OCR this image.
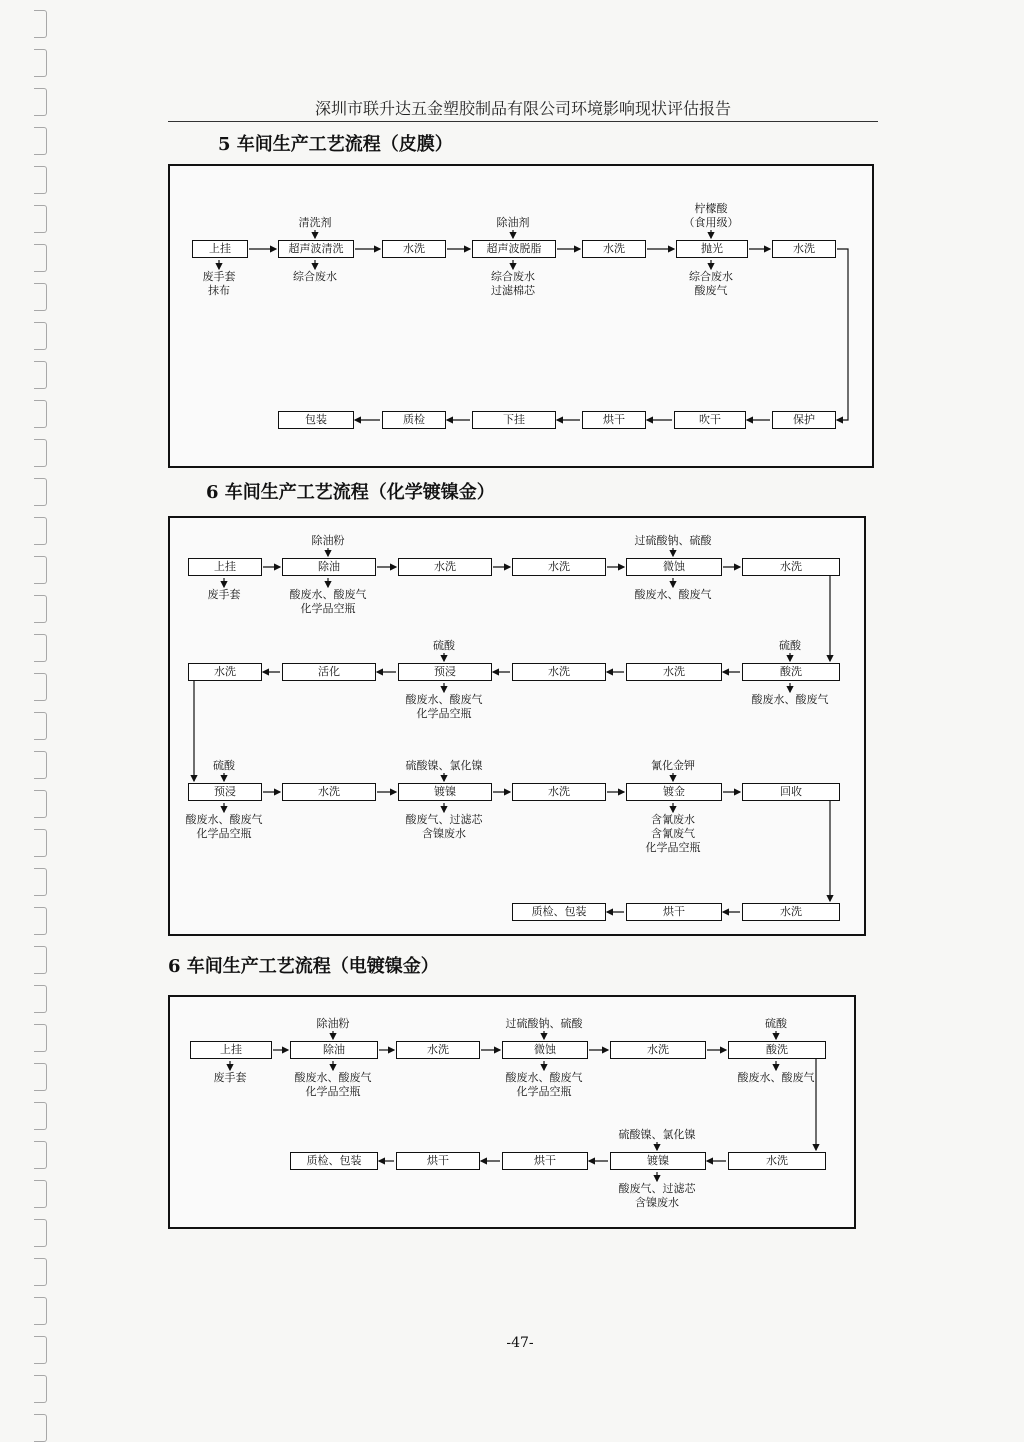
深圳市联升达五金塑胶制品有限公司环境影响现状评估报告
5 车间生产工艺流程（皮膜）
上挂	超声波清洗	水洗	超声波脱脂	水洗	抛光	水洗
保护
吹干
烘干
下挂
质检
包装
清洗剂	除油剂
柠檬酸
（食用级）
废手套
抹布
综合废水	综合废水
过滤棉芯
综合废水
酸废气
6 车间生产工艺流程（化学镀镍金）
上挂	除油	水洗	水洗	微蚀	水洗
酸洗
水洗
水洗
预浸
活化
水洗
预浸	水洗	镀镍	水洗	镀金	回收
水洗
烘干
质检、包装
除油粉	过硫酸钠、硫酸
硫酸
硫酸
硫酸	硫酸镍、氯化镍	氰化金钾
废手套	酸废水、酸废气
化学品空瓶
酸废水、酸废气
酸废水、酸废气
化学品空瓶
酸废水、酸废气
酸废水、酸废气
化学品空瓶
酸废气、过滤芯
含镍废水
含氰废水
含氰废气
化学品空瓶
6 车间生产工艺流程（电镀镍金）
上挂	除油	水洗	微蚀	水洗	酸洗
水洗
镀镍
烘干
烘干
质检、包装
除油粉	过硫酸钠、硫酸	硫酸
硫酸镍、氯化镍
废手套	酸废水、酸废气
化学品空瓶
酸废水、酸废气
化学品空瓶
酸废水、酸废气
酸废气、过滤芯
含镍废水
-47-
